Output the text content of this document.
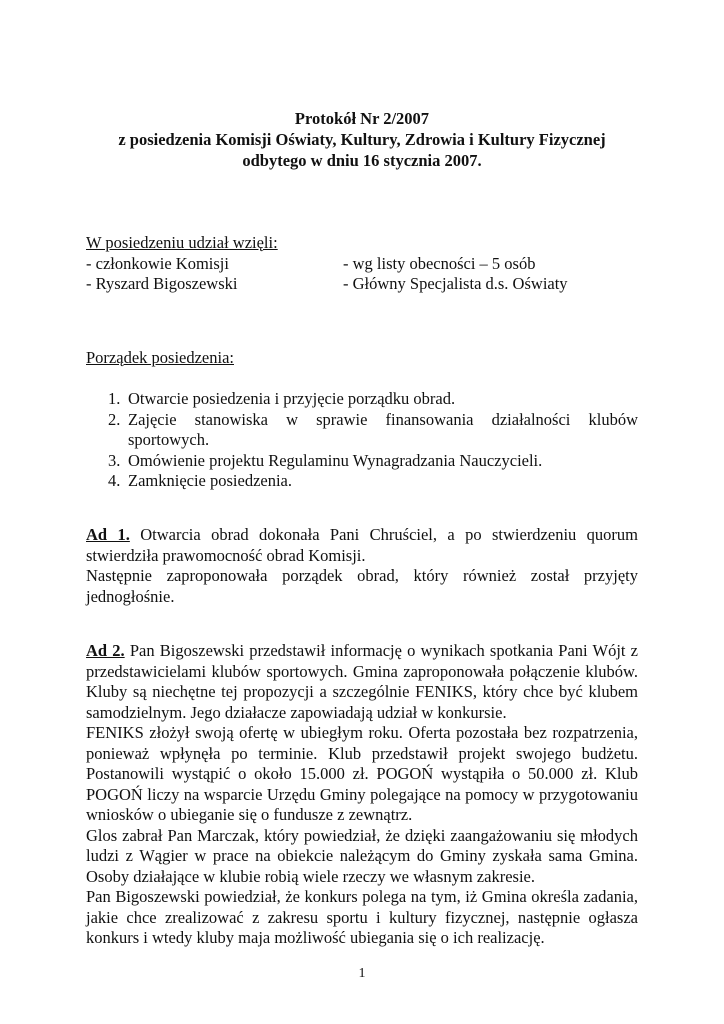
Protokół Nr 2/2007
z posiedzenia Komisji Oświaty, Kultury, Zdrowia i Kultury Fizycznej
odbytego w dniu 16 stycznia 2007.
W posiedzeniu udział wzięli:
- członkowie Komisji	- wg listy obecności – 5 osób
- Ryszard Bigoszewski	- Główny Specjalista d.s. Oświaty
Porządek posiedzenia:
1. Otwarcie posiedzenia i przyjęcie porządku obrad.
2. Zajęcie stanowiska w sprawie finansowania działalności klubów sportowych.
3. Omówienie projektu Regulaminu Wynagradzania Nauczycieli.
4. Zamknięcie posiedzenia.
Ad 1. Otwarcia obrad dokonała Pani Chruściel, a po stwierdzeniu quorum stwierdziła prawomocność obrad Komisji.
Następnie zaproponowała porządek obrad, który również został przyjęty jednogłośnie.
Ad 2. Pan Bigoszewski przedstawił informację o wynikach spotkania Pani Wójt z przedstawicielami klubów sportowych. Gmina zaproponowała połączenie klubów. Kluby są niechętne tej propozycji a szczególnie FENIKS, który chce być klubem samodzielnym. Jego działacze zapowiadają udział w konkursie.
FENIKS złożył swoją ofertę w ubiegłym roku. Oferta pozostała bez rozpatrzenia, ponieważ wpłynęła po terminie. Klub przedstawił projekt swojego budżetu. Postanowili wystąpić o około 15.000 zł. POGOŃ wystąpiła o 50.000 zł. Klub POGOŃ liczy na wsparcie Urzędu Gminy polegające na pomocy w przygotowaniu wniosków o ubieganie się o fundusze z zewnątrz.
Glos zabrał Pan Marczak, który powiedział, że dzięki zaangażowaniu się młodych ludzi z Wągier w prace na obiekcie należącym do Gminy zyskała sama Gmina. Osoby działające w klubie robią wiele rzeczy we własnym zakresie.
Pan Bigoszewski powiedział, że konkurs polega na tym, iż Gmina określa zadania, jakie chce zrealizować z zakresu sportu i kultury fizycznej, następnie ogłasza konkurs i wtedy kluby maja możliwość ubiegania się o ich realizację.
1
